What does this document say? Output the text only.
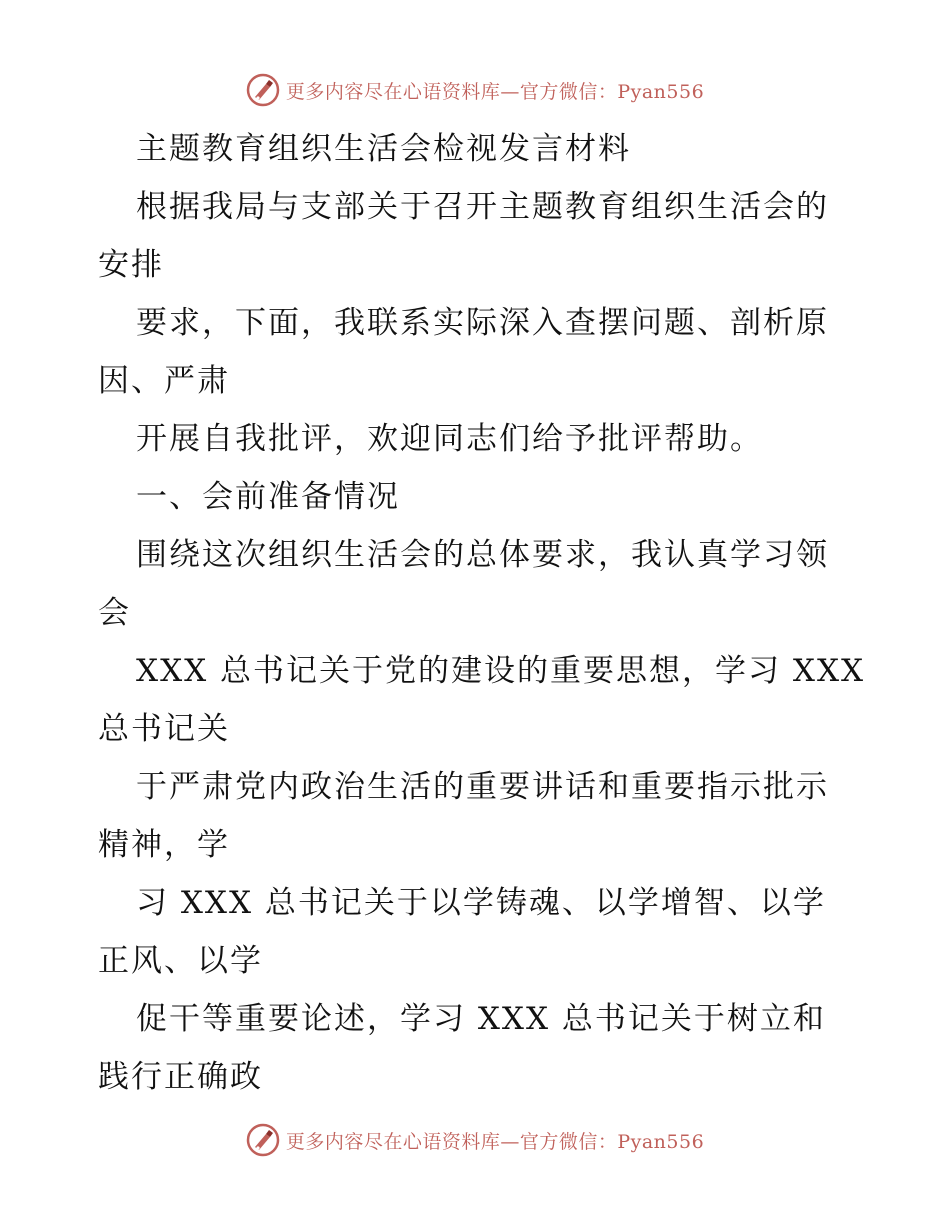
更多内容尽在心语资料库—官方微信：Pyan556

主题教育组织生活会检视发言材料

根据我局与支部关于召开主题教育组织生活会的

安排

要求，下面，我联系实际深入查摆问题、剖析原

因、严肃

开展自我批评，欢迎同志们给予批评帮助。

一、会前准备情况

围绕这次组织生活会的总体要求，我认真学习领

会

XXX 总书记关于党的建设的重要思想，学习 XXX

总书记关

于严肃党内政治生活的重要讲话和重要指示批示

精神，学

习 XXX 总书记关于以学铸魂、以学增智、以学

正风、以学

促干等重要论述，学习 XXX 总书记关于树立和

践行正确政

更多内容尽在心语资料库—官方微信：Pyan556
